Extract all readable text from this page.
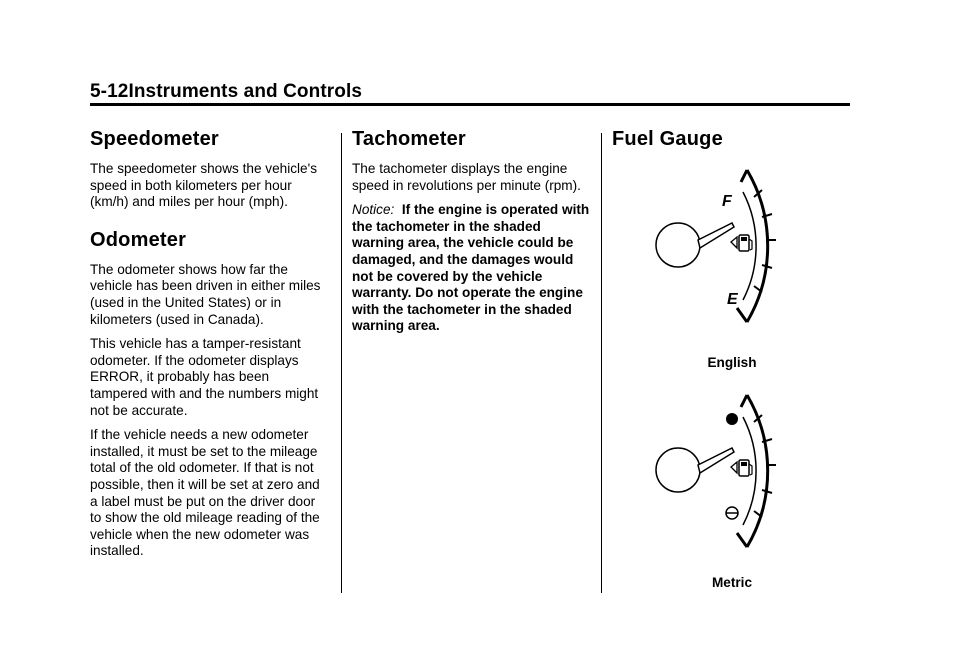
5-12Instruments and Controls
Speedometer

The speedometer shows the vehicle's speed in both kilometers per hour (km/h) and miles per hour (mph).

Odometer

The odometer shows how far the vehicle has been driven in either miles (used in the United States) or in kilometers (used in Canada).

This vehicle has a tamper-resistant odometer. If the odometer displays ERROR, it probably has been tampered with and the numbers might not be accurate.

If the vehicle needs a new odometer installed, it must be set to the mileage total of the old odometer. If that is not possible, then it will be set at zero and a label must be put on the driver door to show the old mileage reading of the vehicle when the new odometer was installed.

Tachometer

The tachometer displays the engine speed in revolutions per minute (rpm).

Notice: If the engine is operated with the tachometer in the shaded warning area, the vehicle could be damaged, and the damages would not be covered by the vehicle warranty. Do not operate the engine with the tachometer in the shaded warning area.

Fuel Gauge
F
E
English
Metric
